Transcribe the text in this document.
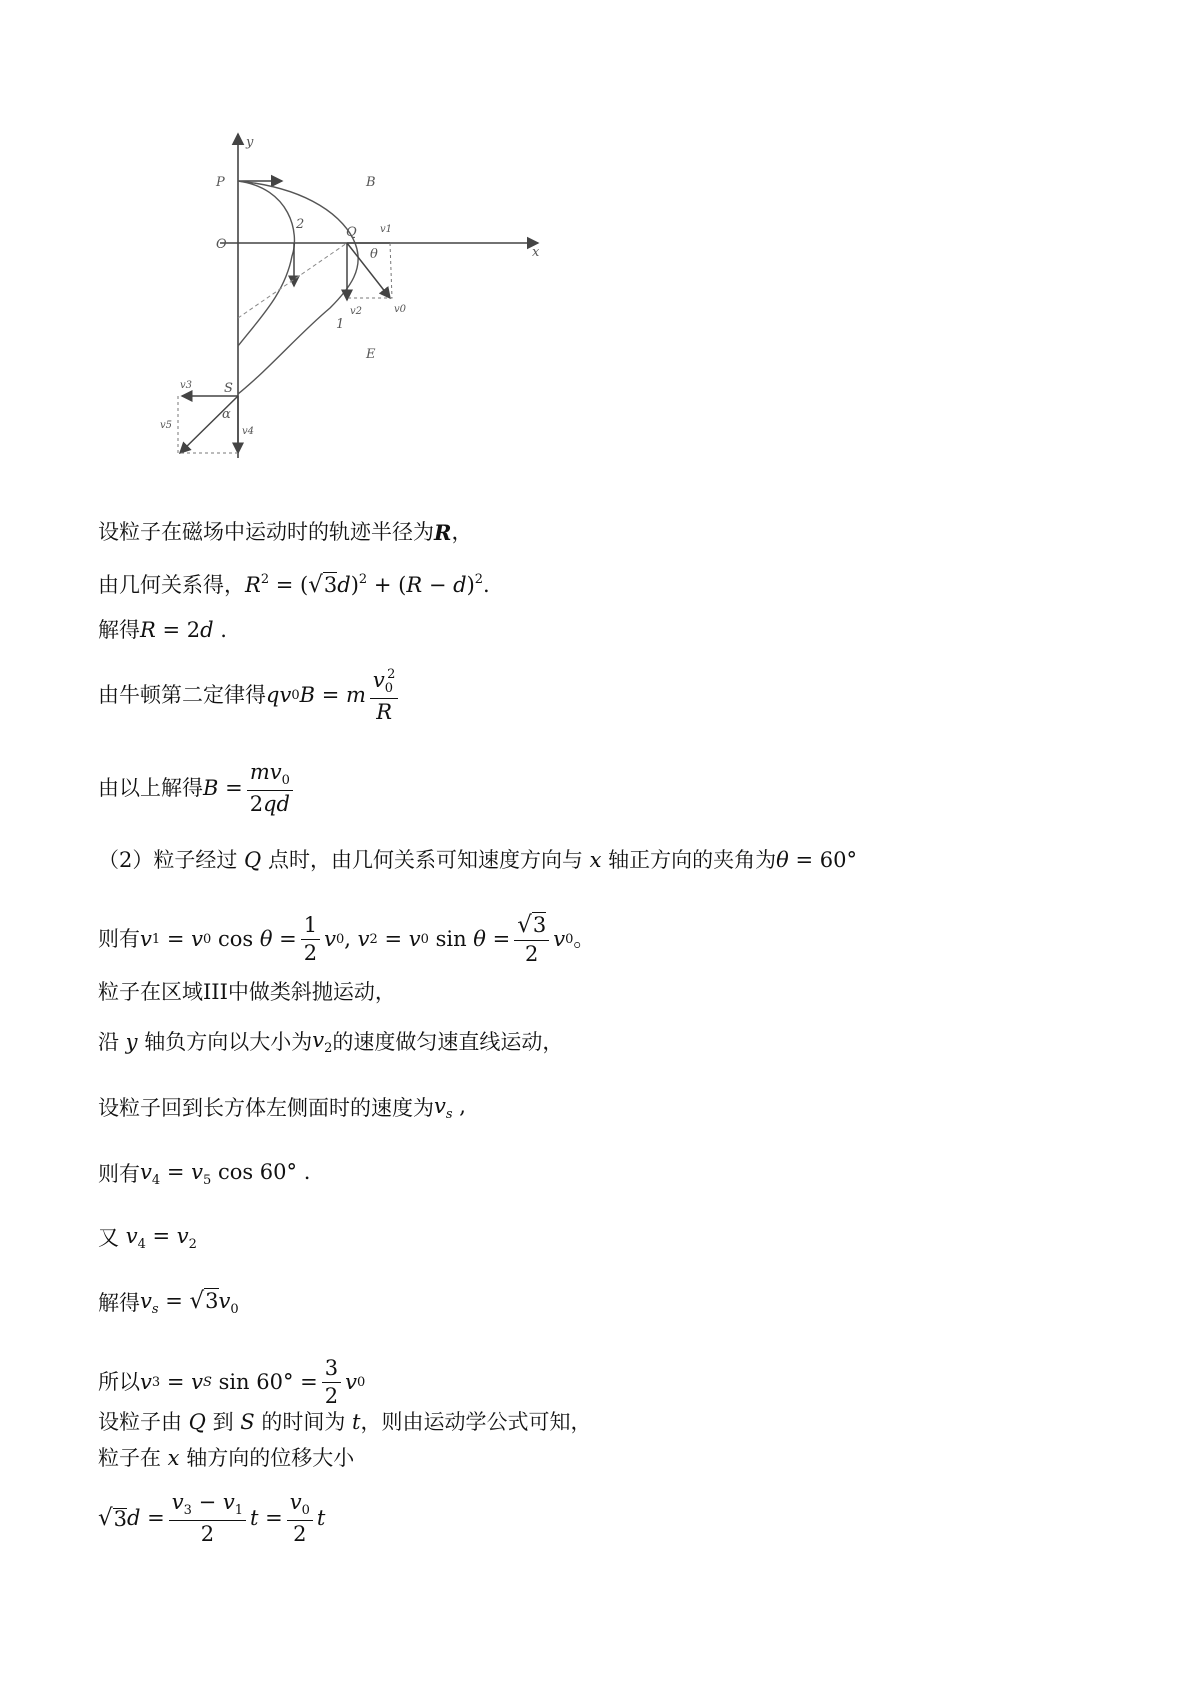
y
x
P
O
B
Q
2
1
θ
E
S
α
v1
v0
v2
v3
v5
v4
设粒子在磁场中运动时的轨迹半径为 R ，
由几何关系得， $R^2 = (√3d)^2 + (R - d)^2$.
解得 R = 2d .
由牛顿第二定律得 qv 0 B = m $\frac{v_0^2}{R}$
由以上解得 $B = \frac{mv_0}{2qd}$
（2）粒子经过 Q 点时，由几何关系可知速度方向与 x 轴正方向的夹角为 θ = 60°
则有 v 1 = v 0 $\cos \theta = \frac{1}{2}$ v 0 , v 2 = v 0 $\sin \theta = \frac{√3}{2}$ v 0 。
粒子在区域III中做类斜抛运动，
沿 y 轴负方向以大小为 $v_2$ 的速度做匀速直线运动，
设粒子回到长方体左侧面时的速度为 $v_s$ ,
则有 $v_4 = v_5$ cos 60° .
又 $v_4 = v_2$
解得 $v_s = √3v_0$
所以 v 3 = v S $\sin 60^\circ = \frac{3}{2}$ v 0
设粒子由 Q 到 S 的时间为 t ，则由运动学公式可知，
粒子在 x 轴方向的位移大小
√ 3 $d = \frac{v_3 - v_1}{2}$ $t = \frac{v_0}{2}$ t
